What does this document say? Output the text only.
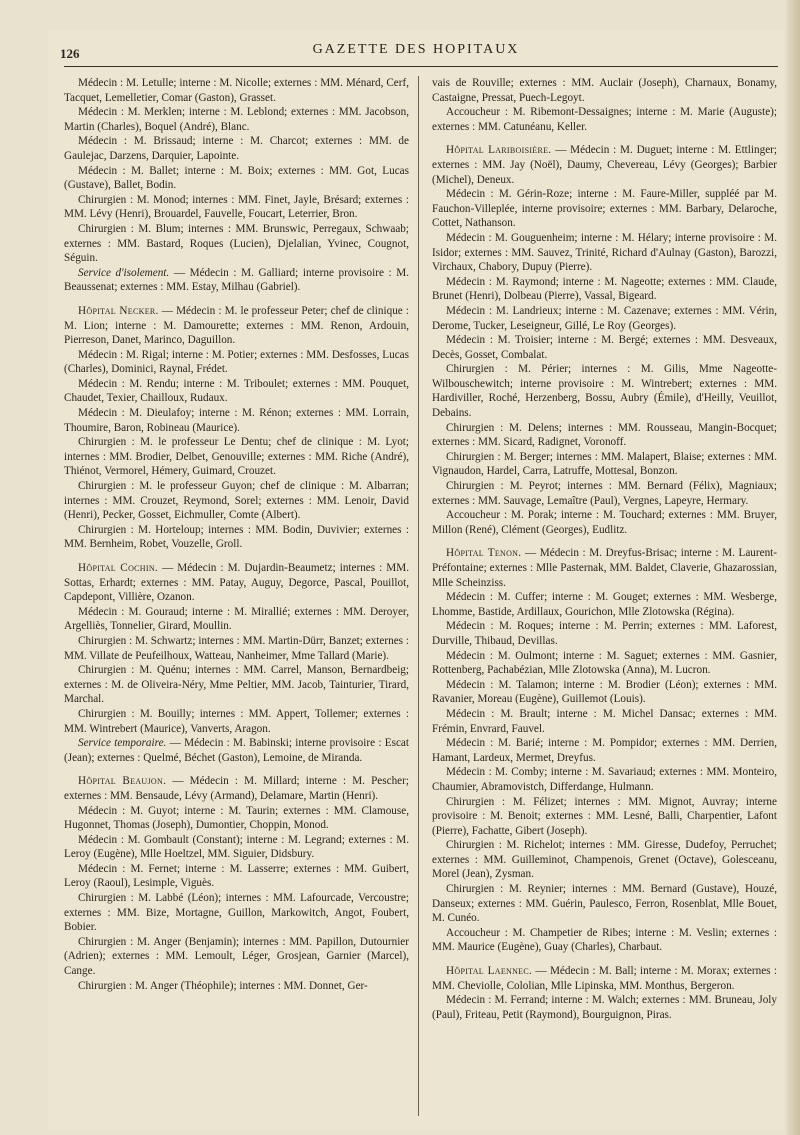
126	GAZETTE DES HOPITAUX

Médecin : M. Letulle; interne : M. Nicolle; externes : MM. Ménard, Cerf, Tacquet, Lemelletier, Comar (Gaston), Grasset.

Médecin : M. Merklen; interne : M. Leblond; externes : MM. Jacobson, Martin (Charles), Boquel (André), Blanc.

Médecin : M. Brissaud; interne : M. Charcot; externes : MM. de Gaulejac, Darzens, Darquier, Lapointe.

Médecin : M. Ballet; interne : M. Boix; externes : MM. Got, Lucas (Gustave), Ballet, Bodin.

Chirurgien : M. Monod; internes : MM. Finet, Jayle, Brésard; externes : MM. Lévy (Henri), Brouardel, Fauvelle, Foucart, Leterrier, Bron.

Chirurgien : M. Blum; internes : MM. Brunswic, Perregaux, Schwaab; externes : MM. Bastard, Roques (Lucien), Djelalian, Yvinec, Cougnot, Séguin.

Service d'isolement. — Médecin : M. Galliard; interne provisoire : M. Beaussenat; externes : MM. Estay, Milhau (Gabriel).

Hôpital Necker. — Médecin : M. le professeur Peter; chef de clinique : M. Lion; interne : M. Damourette; externes : MM. Renon, Ardouin, Pierreson, Danet, Marinco, Daguillon.

Médecin : M. Rigal; interne : M. Potier; externes : MM. Desfosses, Lucas (Charles), Dominici, Raynal, Frédet.

Médecin : M. Rendu; interne : M. Triboulet; externes : MM. Pouquet, Chaudet, Texier, Chailloux, Rudaux.

Médecin : M. Dieulafoy; interne : M. Rénon; externes : MM. Lorrain, Thoumire, Baron, Robineau (Maurice).

Chirurgien : M. le professeur Le Dentu; chef de clinique : M. Lyot; internes : MM. Brodier, Delbet, Genouville; externes : MM. Riche (André), Thiénot, Vermorel, Hémery, Guimard, Crouzet.

Chirurgien : M. le professeur Guyon; chef de clinique : M. Albarran; internes : MM. Crouzet, Reymond, Sorel; externes : MM. Lenoir, David (Henri), Pecker, Gosset, Eichmuller, Comte (Albert).

Chirurgien : M. Horteloup; internes : MM. Bodin, Duvivier; externes : MM. Bernheim, Robet, Vouzelle, Groll.

Hôpital Cochin. — Médecin : M. Dujardin-Beaumetz; internes : MM. Sottas, Erhardt; externes : MM. Patay, Auguy, Degorce, Pascal, Pouillot, Capdepont, Villière, Ozanon.

Médecin : M. Gouraud; interne : M. Mirallié; externes : MM. Deroyer, Argelliès, Tonnelier, Girard, Moullin.

Chirurgien : M. Schwartz; internes : MM. Martin-Dürr, Banzet; externes : MM. Villate de Peufeilhoux, Watteau, Nanheimer, Mme Tallard (Marie).

Chirurgien : M. Quénu; internes : MM. Carrel, Manson, Bernardbeig; externes : M. de Oliveira-Néry, Mme Peltier, MM. Jacob, Tainturier, Tirard, Marchal.

Chirurgien : M. Bouilly; internes : MM. Appert, Tollemer; externes : MM. Wintrebert (Maurice), Vanverts, Aragon.

Service temporaire. — Médecin : M. Babinski; interne provisoire : Escat (Jean); externes : Quelmé, Béchet (Gaston), Lemoine, de Miranda.

Hôpital Beaujon. — Médecin : M. Millard; interne : M. Pescher; externes : MM. Bensaude, Lévy (Armand), Delamare, Martin (Henri).

Médecin : M. Guyot; interne : M. Taurin; externes : MM. Clamouse, Hugonnet, Thomas (Joseph), Dumontier, Choppin, Monod.

Médecin : M. Gombault (Constant); interne : M. Legrand; externes : M. Leroy (Eugène), Mlle Hoeltzel, MM. Siguier, Didsbury.

Médecin : M. Fernet; interne : M. Lasserre; externes : MM. Guibert, Leroy (Raoul), Lesimple, Viguès.

Chirurgien : M. Labbé (Léon); internes : MM. Lafourcade, Vercoustre; externes : MM. Bize, Mortagne, Guillon, Markowitch, Angot, Foubert, Bobier.

Chirurgien : M. Anger (Benjamin); internes : MM. Papillon, Dutournier (Adrien); externes : MM. Lemoult, Léger, Grosjean, Garnier (Marcel), Cange.

Chirurgien : M. Anger (Théophile); internes : MM. Donnet, Ger-

vais de Rouville; externes : MM. Auclair (Joseph), Charnaux, Bonamy, Castaigne, Pressat, Puech-Legoyt.

Accoucheur : M. Ribemont-Dessaignes; interne : M. Marie (Auguste); externes : MM. Catunéanu, Keller.

Hôpital Lariboisière. — Médecin : M. Duguet; interne : M. Ettlinger; externes : MM. Jay (Noël), Daumy, Chevereau, Lévy (Georges); Barbier (Michel), Deneux.

Médecin : M. Gérin-Roze; interne : M. Faure-Miller, suppléé par M. Fauchon-Villeplée, interne provisoire; externes : MM. Barbary, Delaroche, Cottet, Nathanson.

Médecin : M. Gouguenheim; interne : M. Hélary; interne provisoire : M. Isidor; externes : MM. Sauvez, Trinité, Richard d'Aulnay (Gaston), Barozzi, Virchaux, Chabory, Dupuy (Pierre).

Médecin : M. Raymond; interne : M. Nageotte; externes : MM. Claude, Brunet (Henri), Dolbeau (Pierre), Vassal, Bigeard.

Médecin : M. Landrieux; interne : M. Cazenave; externes : MM. Vérin, Derome, Tucker, Leseigneur, Gillé, Le Roy (Georges).

Médecin : M. Troisier; interne : M. Bergé; externes : MM. Desveaux, Decès, Gosset, Combalat.

Chirurgien : M. Périer; internes : M. Gilis, Mme Nageotte-Wilbouschewitch; interne provisoire : M. Wintrebert; externes : MM. Hardiviller, Roché, Herzenberg, Bossu, Aubry (Émile), d'Heilly, Veuillot, Debains.

Chirurgien : M. Delens; internes : MM. Rousseau, Mangin-Bocquet; externes : MM. Sicard, Radignet, Voronoff.

Chirurgien : M. Berger; internes : MM. Malapert, Blaise; externes : MM. Vignaudon, Hardel, Carra, Latruffe, Mottesal, Bonzon.

Chirurgien : M. Peyrot; internes : MM. Bernard (Félix), Magniaux; externes : MM. Sauvage, Lemaître (Paul), Vergnes, Lapeyre, Hermary.

Accoucheur : M. Porak; interne : M. Touchard; externes : MM. Bruyer, Millon (René), Clément (Georges), Eudlitz.

Hôpital Tenon. — Médecin : M. Dreyfus-Brisac; interne : M. Laurent-Préfontaine; externes : Mlle Pasternak, MM. Baldet, Claverie, Ghazarossian, Mlle Scheinziss.

Médecin : M. Cuffer; interne : M. Gouget; externes : MM. Wesberge, Lhomme, Bastide, Ardillaux, Gourichon, Mlle Zlotowska (Régina).

Médecin : M. Roques; interne : M. Perrin; externes : MM. Laforest, Durville, Thibaud, Devillas.

Médecin : M. Oulmont; interne : M. Saguet; externes : MM. Gasnier, Rottenberg, Pachabézian, Mlle Zlotowska (Anna), M. Lucron.

Médecin : M. Talamon; interne : M. Brodier (Léon); externes : MM. Ravanier, Moreau (Eugène), Guillemot (Louis).

Médecin : M. Brault; interne : M. Michel Dansac; externes : MM. Frémin, Envrard, Fauvel.

Médecin : M. Barié; interne : M. Pompidor; externes : MM. Derrien, Hamant, Lardeux, Mermet, Dreyfus.

Médecin : M. Comby; interne : M. Savariaud; externes : MM. Monteiro, Chaumier, Abramovistch, Differdange, Hulmann.

Chirurgien : M. Félizet; internes : MM. Mignot, Auvray; interne provisoire : M. Benoit; externes : MM. Lesné, Balli, Charpentier, Lafont (Pierre), Fachatte, Gibert (Joseph).

Chirurgien : M. Richelot; internes : MM. Giresse, Dudefoy, Perruchet; externes : MM. Guilleminot, Champenois, Grenet (Octave), Golesceanu, Morel (Jean), Zysman.

Chirurgien : M. Reynier; internes : MM. Bernard (Gustave), Houzé, Danseux; externes : MM. Guérin, Paulesco, Ferron, Rosenblat, Mlle Bouet, M. Cunéo.

Accoucheur : M. Champetier de Ribes; interne : M. Veslin; externes : MM. Maurice (Eugène), Guay (Charles), Charbaut.

Hôpital Laennec. — Médecin : M. Ball; interne : M. Morax; externes : MM. Cheviolle, Cololian, Mlle Lipinska, MM. Monthus, Bergeron.

Médecin : M. Ferrand; interne : M. Walch; externes : MM. Bruneau, Joly (Paul), Friteau, Petit (Raymond), Bourguignon, Piras.
